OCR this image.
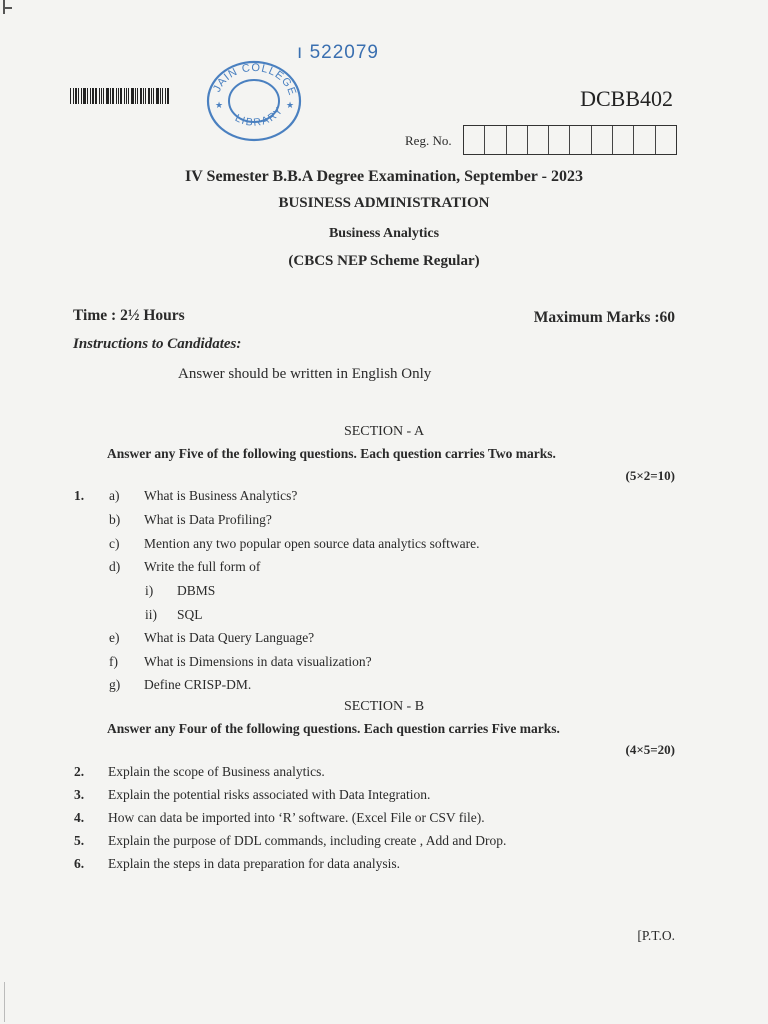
ı 522079
JAIN COLLEGE
LIBRARY
★	★	DCBB402
Reg. No.
IV Semester B.B.A Degree Examination, September - 2023
BUSINESS ADMINISTRATION
Business Analytics
(CBCS NEP Scheme Regular)
Time : 2½ Hours	Maximum Marks :60
Instructions to Candidates:
Answer should be written in English Only
SECTION - A
Answer any Five of the following questions. Each question carries Two marks.
(5×2=10)
1. a) What is Business Analytics?
b) What is Data Profiling?
c) Mention any two popular open source data analytics software.
d) Write the full form of
i) DBMS
ii) SQL
e) What is Data Query Language?
f) What is Dimensions in data visualization?
g) Define CRISP-DM.
SECTION - B
Answer any Four of the following questions. Each question carries Five marks.
(4×5=20)
2. Explain the scope of Business analytics.
3. Explain the potential risks associated with Data Integration.
4. How can data be imported into ‘R’ software. (Excel File or CSV file).
5. Explain the purpose of DDL commands, including create , Add and Drop.
6. Explain the steps in data preparation for data analysis.
[P.T.O.
